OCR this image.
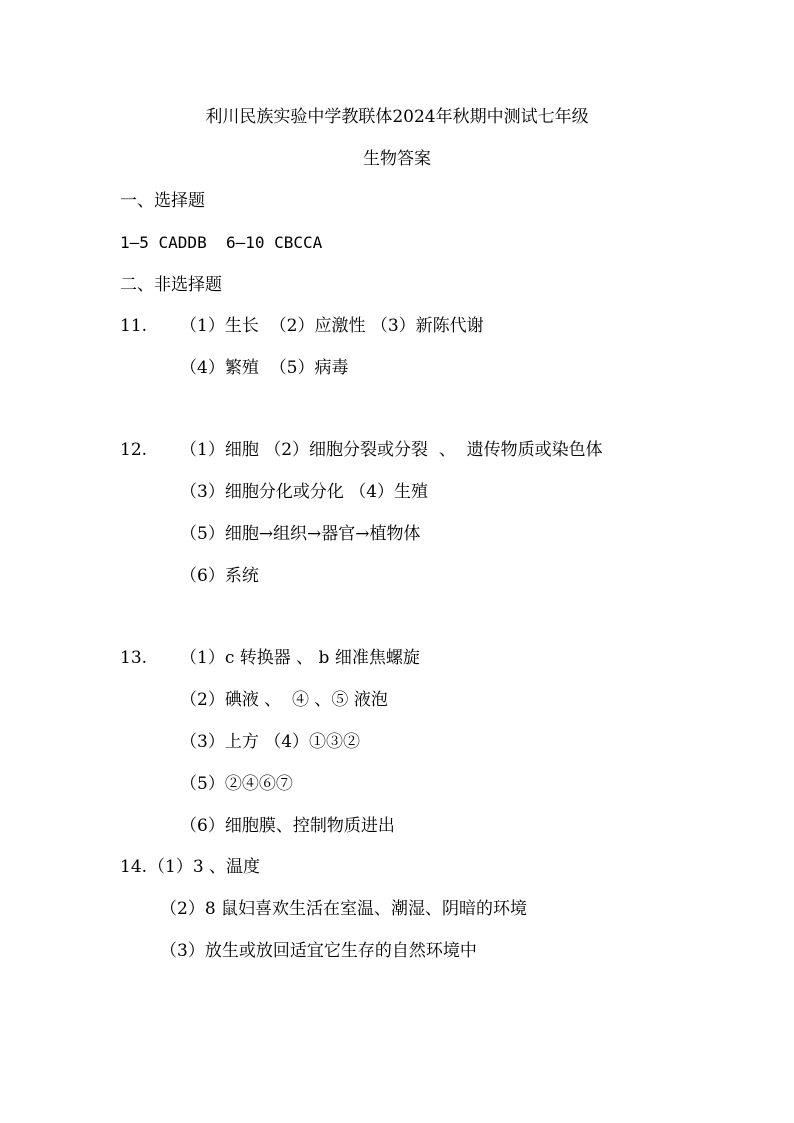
利川民族实验中学教联体2024年秋期中测试七年级
生物答案
一、选择题
1—5 CADDB  6—10 CBCCA
二、非选择题
11. （1）生长  （2）应激性 （3）新陈代谢
（4）繁殖  （5）病毒
12. （1）细胞 （2）细胞分裂或分裂  、  遗传物质或染色体
（3）细胞分化或分化 （4）生殖
（5）细胞→组织→器官→植物体
（6）系统
13. （1）c 转换器 、 b 细准焦螺旋
（2）碘液 、  ④ 、⑤ 液泡
（3）上方 （4）①③②
（5）②④⑥⑦
（6）细胞膜、控制物质进出
14. （1）3 、温度
（2）8 鼠妇喜欢生活在室温、潮湿、阴暗的环境
（3）放生或放回适宜它生存的自然环境中
